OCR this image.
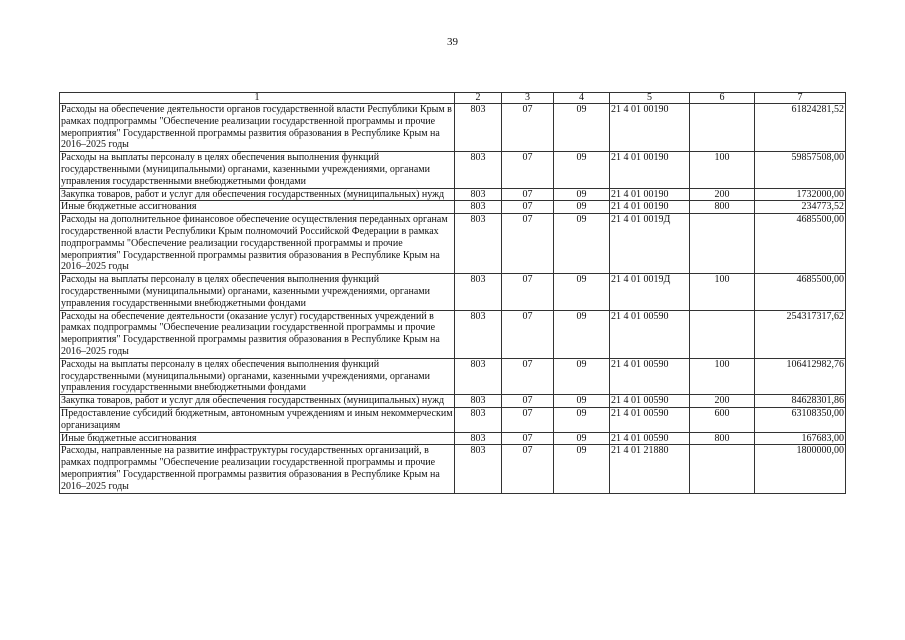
39
1	2	3	4	5	6	7
Расходы на обеспечение деятельности органов государственной власти Республики Крым в рамках подпрограммы "Обеспечение реализации государственной программы и прочие мероприятия" Государственной программы развития образования в Республике Крым на 2016–2025 годы	803	07	09	21 4 01 00190		61824281,52
Расходы на выплаты персоналу в целях обеспечения выполнения функций государственными (муниципальными) органами, казенными учреждениями, органами управления государственными внебюджетными фондами	803	07	09	21 4 01 00190	100	59857508,00
Закупка товаров, работ и услуг для обеспечения государственных (муниципальных) нужд	803	07	09	21 4 01 00190	200	1732000,00
Иные бюджетные ассигнования	803	07	09	21 4 01 00190	800	234773,52
Расходы на дополнительное финансовое обеспечение осуществления переданных органам государственной власти Республики Крым полномочий Российской Федерации в рамках подпрограммы "Обеспечение реализации государственной программы и прочие мероприятия" Государственной программы развития образования в Республике Крым на 2016–2025 годы	803	07	09	21 4 01 0019Д		4685500,00
Расходы на выплаты персоналу в целях обеспечения выполнения функций государственными (муниципальными) органами, казенными учреждениями, органами управления государственными внебюджетными фондами	803	07	09	21 4 01 0019Д	100	4685500,00
Расходы на обеспечение деятельности (оказание услуг) государственных учреждений в рамках подпрограммы "Обеспечение реализации государственной программы и прочие мероприятия" Государственной программы развития образования в Республике Крым на 2016–2025 годы	803	07	09	21 4 01 00590		254317317,62
Расходы на выплаты персоналу в целях обеспечения выполнения функций государственными (муниципальными) органами, казенными учреждениями, органами управления государственными внебюджетными фондами	803	07	09	21 4 01 00590	100	106412982,76
Закупка товаров, работ и услуг для обеспечения государственных (муниципальных) нужд	803	07	09	21 4 01 00590	200	84628301,86
Предоставление субсидий бюджетным, автономным учреждениям и иным некоммерческим организациям	803	07	09	21 4 01 00590	600	63108350,00
Иные бюджетные ассигнования	803	07	09	21 4 01 00590	800	167683,00
Расходы, направленные на развитие инфраструктуры государственных организаций, в рамках подпрограммы "Обеспечение реализации государственной программы и прочие мероприятия" Государственной программы развития образования в Республике Крым на 2016–2025 годы	803	07	09	21 4 01 21880		1800000,00
